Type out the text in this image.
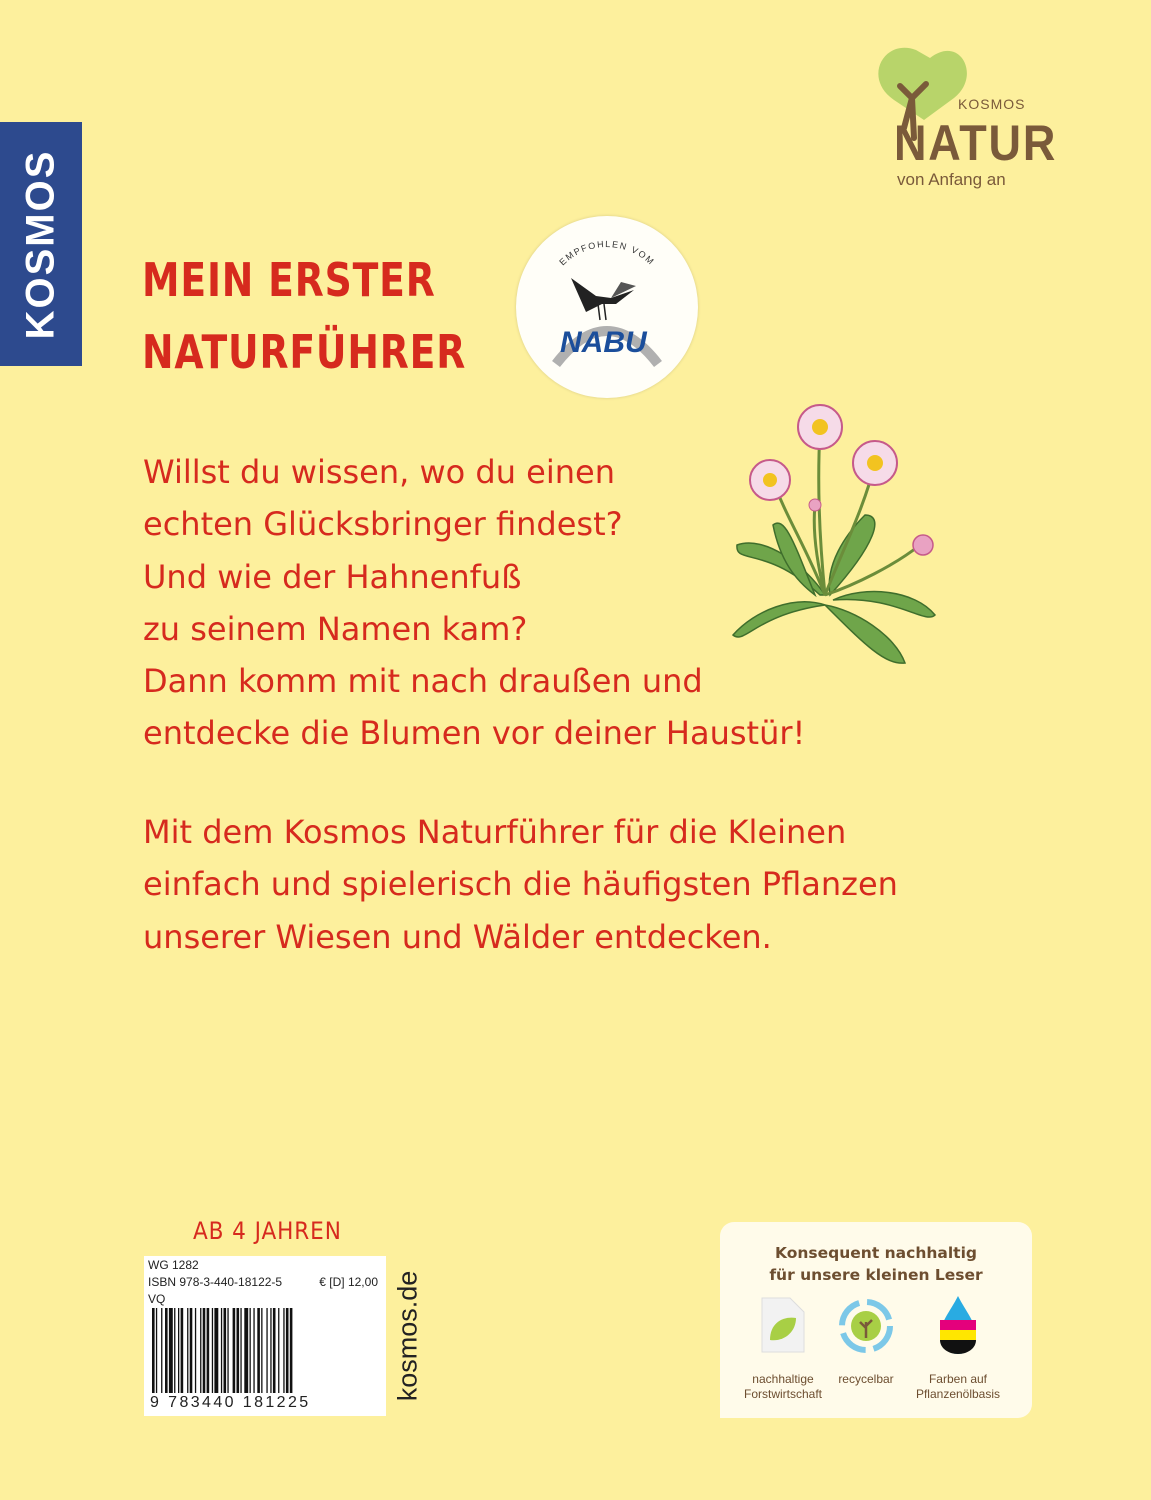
KOSMOS
KOSMOS
NATUR
von Anfang an
MEIN ERSTER
NATURFÜHRER
EMPFOHLEN VOM
NABU
Willst du wissen, wo du einen
echten Glücksbringer findest?
Und wie der Hahnenfuß
zu seinem Namen kam?
Dann komm mit nach draußen und
entdecke die Blumen vor deiner Haustür!
Mit dem Kosmos Naturführer für die Kleinen
einfach und spielerisch die häufigsten Pflanzen
unserer Wiesen und Wälder entdecken.
AB 4 JAHREN
WG 1282
ISBN 978-3-440-18122-5	€ [D] 12,00
VQ
9 783440 181225
kosmos.de
Konsequent nachhaltig
für unsere kleinen Leser
nachhaltige
Forstwirtschaft
recycelbar	Farben auf
Pflanzenölbasis
